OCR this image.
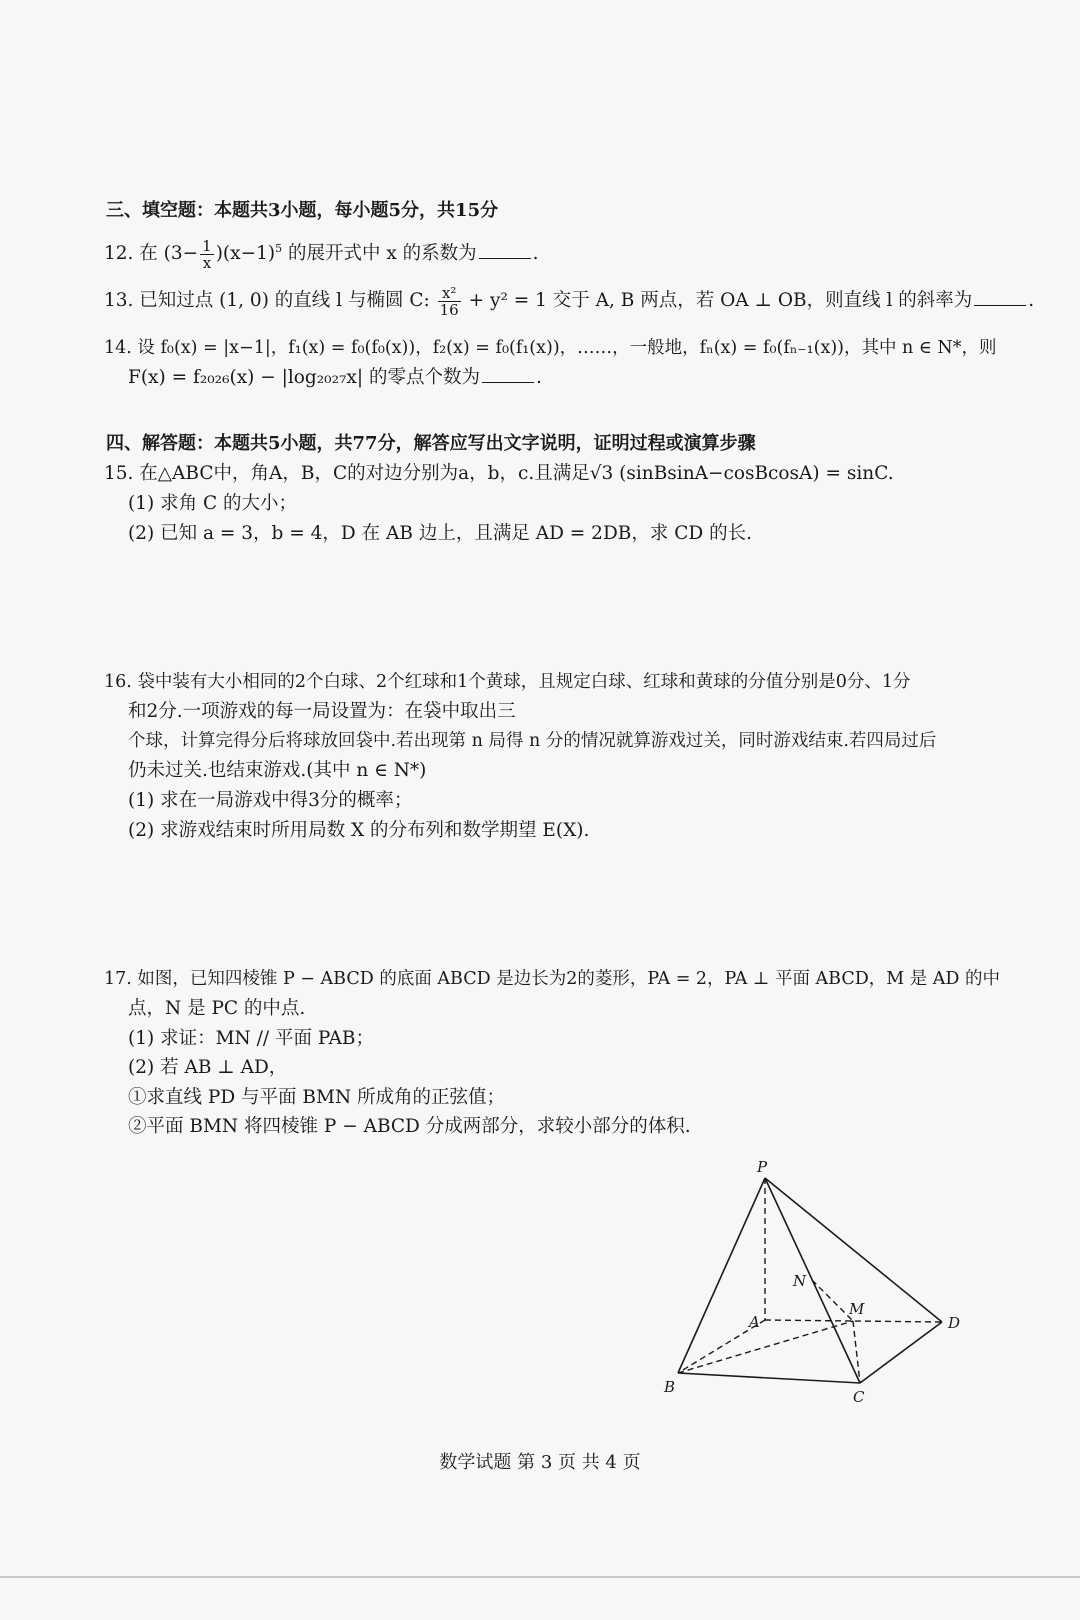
三、填空题：本题共3小题，每小题5分，共15分
12. 在 $(3- \frac{1}{x} )(x-1)^5$ 的展开式中 x 的系数为	.
13. 已知过点 (1, 0) 的直线 l 与椭圆 C: $\frac{\text{x²}}{16} + y^2 = 1$ 交于 A, B 两点，若 OA ⊥ OB，则直线 l 的斜率为	.
14. 设 f₀(x) = |x−1|，f₁(x) = f₀(f₀(x))，f₂(x) = f₀(f₁(x))，……，一般地，fₙ(x) = f₀(fₙ₋₁(x))，其中 n ∈ N*，则
F(x) = f₂₀₂₆(x) − |log₂₀₂₇x| 的零点个数为	.
四、解答题：本题共5小题，共77分，解答应写出文字说明，证明过程或演算步骤
15. 在△ABC中，角A，B，C的对边分别为a，b，c.且满足√3 (sinBsinA−cosBcosA) = sinC.
(1) 求角 C 的大小；
(2) 已知 a = 3，b = 4，D 在 AB 边上，且满足 AD = 2DB，求 CD 的长.
16. 袋中装有大小相同的2个白球、2个红球和1个黄球，且规定白球、红球和黄球的分值分别是0分、1分
和2分.一项游戏的每一局设置为：在袋中取出三
个球，计算完得分后将球放回袋中.若出现第 n 局得 n 分的情况就算游戏过关，同时游戏结束.若四局过后
仍未过关.也结束游戏.(其中 n ∈ N*)
(1) 求在一局游戏中得3分的概率；
(2) 求游戏结束时所用局数 X 的分布列和数学期望 E(X).
17. 如图，已知四棱锥 P − ABCD 的底面 ABCD 是边长为2的菱形，PA = 2，PA ⊥ 平面 ABCD，M 是 AD 的中
点，N 是 PC 的中点.
(1) 求证：MN // 平面 PAB；
(2) 若 AB ⊥ AD，
①求直线 PD 与平面 BMN 所成角的正弦值；
②平面 BMN 将四棱锥 P − ABCD 分成两部分，求较小部分的体积.
P
A
B
C
D
M
N
数学试题 第 3 页 共 4 页
